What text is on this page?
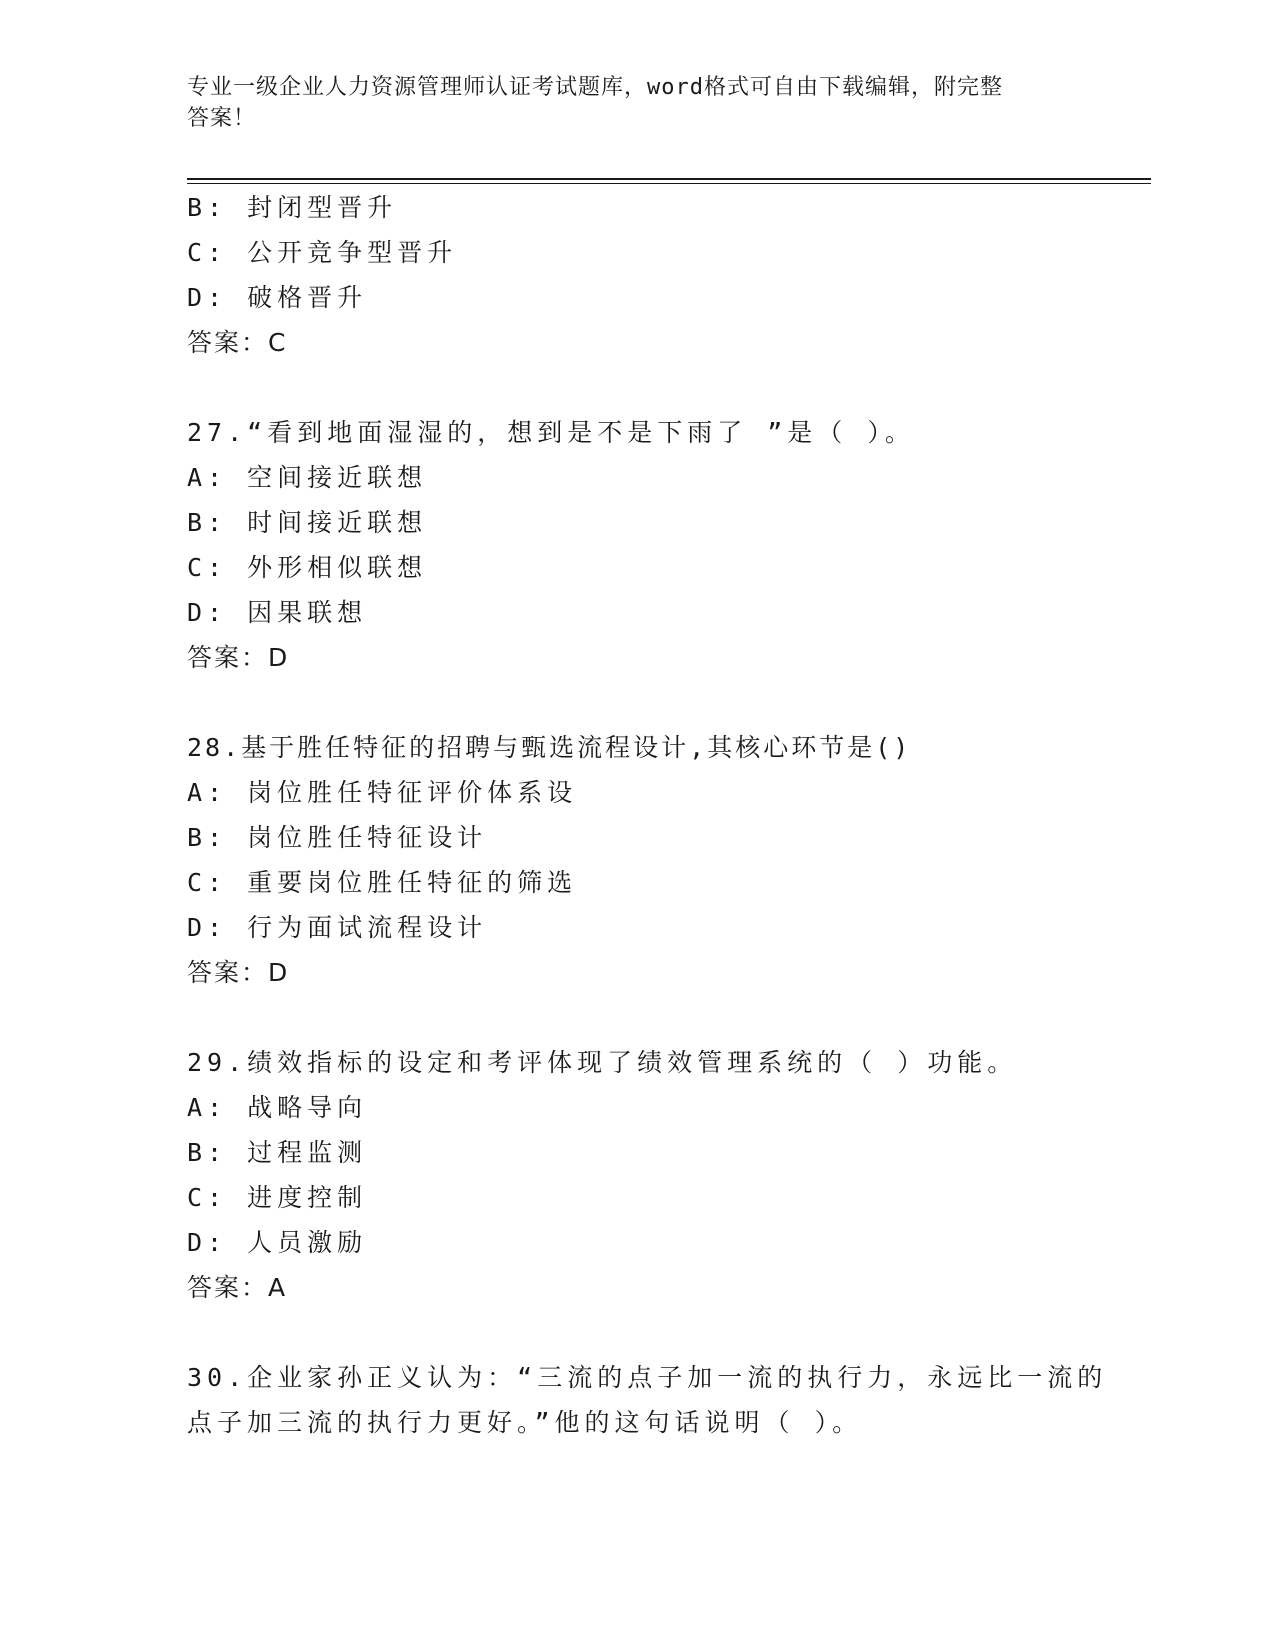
专业一级企业人力资源管理师认证考试题库，word格式可自由下载编辑，附完整
答案！
B: 封闭型晋升
C: 公开竞争型晋升
D: 破格晋升
答案：C
27.“看到地面湿湿的，想到是不是下雨了 ”是（ ）。
A: 空间接近联想
B: 时间接近联想
C: 外形相似联想
D: 因果联想
答案：D
28.基于胜任特征的招聘与甄选流程设计,其核心环节是()
A: 岗位胜任特征评价体系设
B: 岗位胜任特征设计
C: 重要岗位胜任特征的筛选
D: 行为面试流程设计
答案：D
29.绩效指标的设定和考评体现了绩效管理系统的（ ）功能。
A: 战略导向
B: 过程监测
C: 进度控制
D: 人员激励
答案：A
30.企业家孙正义认为：“三流的点子加一流的执行力，永远比一流的
点子加三流的执行力更好。”他的这句话说明（ ）。
